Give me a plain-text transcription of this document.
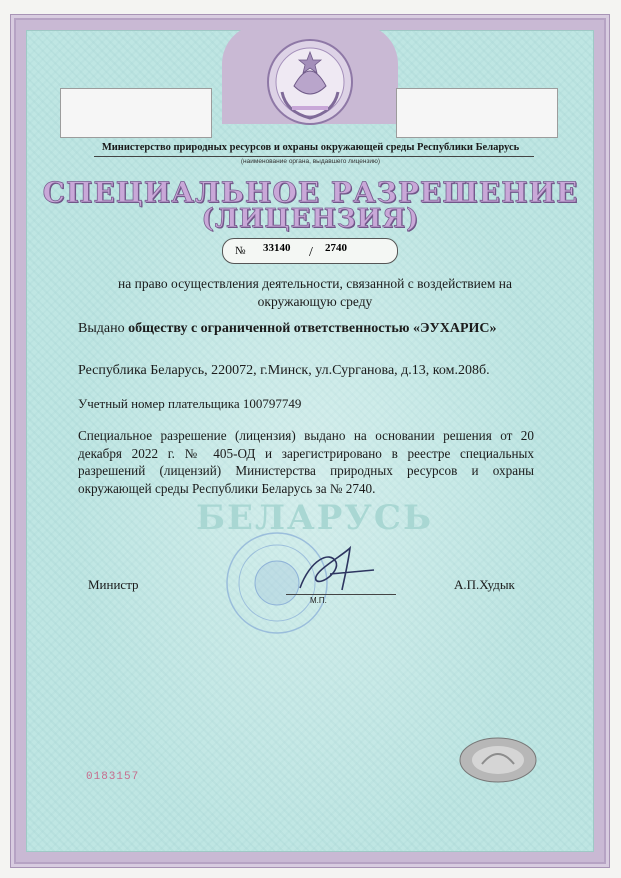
Министерство природных ресурсов и охраны окружающей среды Республики Беларусь
(наименование органа, выдавшего лицензию)
СПЕЦИАЛЬНОЕ РАЗРЕШЕНИЕ
(ЛИЦЕНЗИЯ)
№ 33140 / 2740
на право осуществления деятельности, связанной с воздействием на окружающую среду
Выдано обществу с ограниченной ответственностью «ЭУХАРИС»
Республика Беларусь, 220072, г.Минск, ул.Сурганова, д.13, ком.208б.
Учетный номер плательщика 100797749
Специальное разрешение (лицензия) выдано на основании решения от 20 декабря 2022 г. № 405-ОД и зарегистрировано в реестре специальных разрешений (лицензий) Министерства природных ресурсов и охраны окружающей среды Республики Беларусь за № 2740.
БЕЛАРУСЬ
Министр
М.П.
А.П.Худык
0183157
